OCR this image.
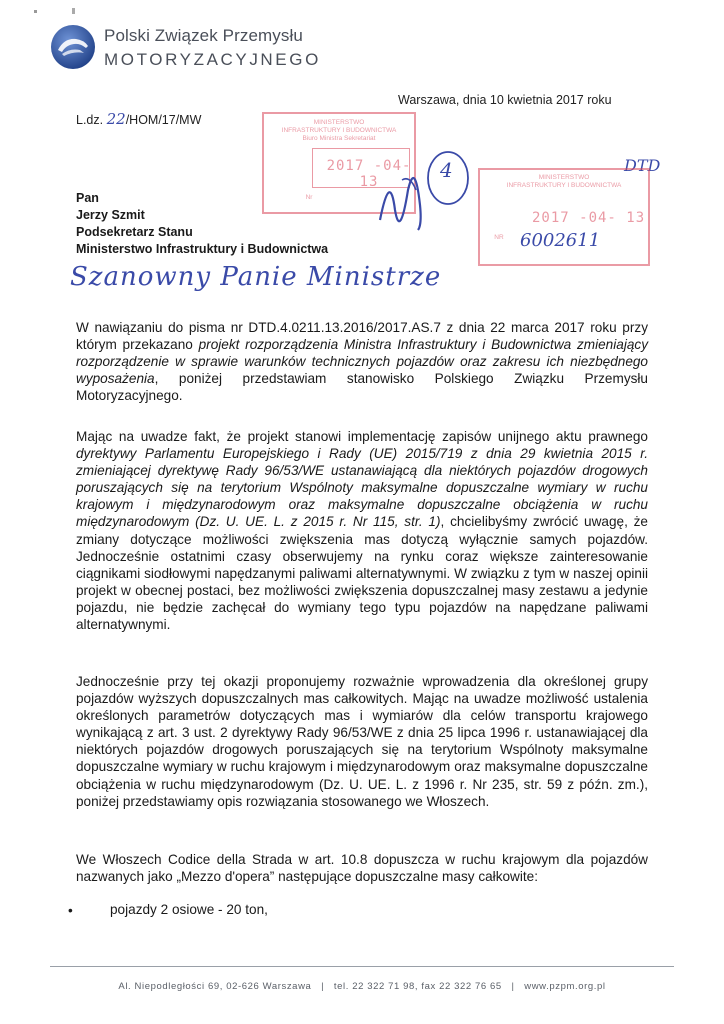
Polski Związek Przemysłu
MOTORYZACYJNEGO
L.dz. 22/HOM/17/MW
Warszawa, dnia 10 kwietnia 2017 roku
MINISTERSTWO
INFRASTRUKTURY I BUDOWNICTWA
Biuro Ministra Sekretariat
2017 -04- 13
Nr
4	DTD
MINISTERSTWO
INFRASTRUKTURY I BUDOWNICTWA
2017 -04- 13
NR 6002611
Pan
Jerzy Szmit
Podsekretarz Stanu
Ministerstwo Infrastruktury i Budownictwa
Szanowny Panie Ministrze
W nawiązaniu do pisma nr DTD.4.0211.13.2016/2017.AS.7 z dnia 22 marca 2017 roku przy którym przekazano projekt rozporządzenia Ministra Infrastruktury i Budownictwa zmieniający rozporządzenie w sprawie warunków technicznych pojazdów oraz zakresu ich niezbędnego wyposażenia, poniżej przedstawiam stanowisko Polskiego Związku Przemysłu Motoryzacyjnego.
Mając na uwadze fakt, że projekt stanowi implementację zapisów unijnego aktu prawnego dyrektywy Parlamentu Europejskiego i Rady (UE) 2015/719 z dnia 29 kwietnia 2015 r. zmieniającej dyrektywę Rady 96/53/WE ustanawiającą dla niektórych pojazdów drogowych poruszających się na terytorium Wspólnoty maksymalne dopuszczalne wymiary w ruchu krajowym i międzynarodowym oraz maksymalne dopuszczalne obciążenia w ruchu międzynarodowym (Dz. U. UE. L. z 2015 r. Nr 115, str. 1), chcielibyśmy zwrócić uwagę, że zmiany dotyczące możliwości zwiększenia mas dotyczą wyłącznie samych pojazdów. Jednocześnie ostatnimi czasy obserwujemy na rynku coraz większe zainteresowanie ciągnikami siodłowymi napędzanymi paliwami alternatywnymi. W związku z tym w naszej opinii projekt w obecnej postaci, bez możliwości zwiększenia dopuszczalnej masy zestawu a jedynie pojazdu, nie będzie zachęcał do wymiany tego typu pojazdów na napędzane paliwami alternatywnymi.
Jednocześnie przy tej okazji proponujemy rozważnie wprowadzenia dla określonej grupy pojazdów wyższych dopuszczalnych mas całkowitych. Mając na uwadze możliwość ustalenia określonych parametrów dotyczących mas i wymiarów dla celów transportu krajowego wynikającą z art. 3 ust. 2 dyrektywy Rady 96/53/WE z dnia 25 lipca 1996 r. ustanawiającej dla niektórych pojazdów drogowych poruszających się na terytorium Wspólnoty maksymalne dopuszczalne wymiary w ruchu krajowym i międzynarodowym oraz maksymalne dopuszczalne obciążenia w ruchu międzynarodowym (Dz. U. UE. L. z 1996 r. Nr 235, str. 59 z późn. zm.), poniżej przedstawiamy opis rozwiązania stosowanego we Włoszech.
We Włoszech Codice della Strada w art. 10.8 dopuszcza w ruchu krajowym dla pojazdów nazwanych jako „Mezzo d'opera” następujące dopuszczalne masy całkowite:
•	pojazdy 2 osiowe - 20 ton,
Al. Niepodległości 69, 02-626 Warszawa   |   tel. 22 322 71 98, fax 22 322 76 65   |   www.pzpm.org.pl
